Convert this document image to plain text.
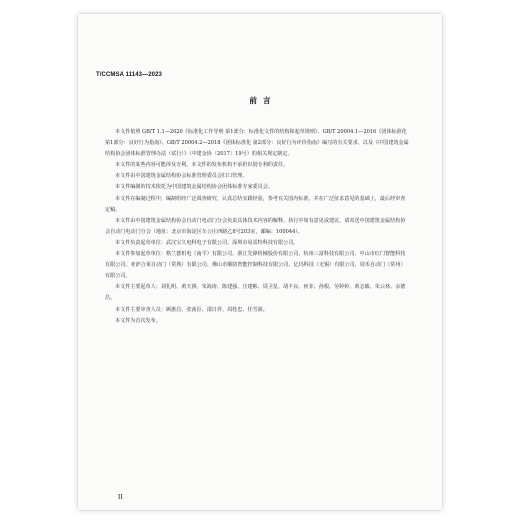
T/CCMSA 11143—2023
前言

本文件依照 GB/T 1.1—2020《标准化工作导则 第1部分：标准化文件的结构和起草规则》、GB/T 20004.1—2016《团体标准化 第1部分：良好行为指南》、GB/T 20004.2—2018《团体标准化 第2部分：良好行为评价指南》编写的有关要求，以及《中国建筑金属结构协会团体标准管理办法（试行）》（中建金协〔2017〕19号）的相关规定制定。

本文件的某些内容可能涉及专利。本文件的发布机构不承担识别专利的责任。

本文件由中国建筑金属结构协会标准管理委员会归口管理。

本文件编制的技术依托为中国建筑金属结构协会团体标准专家委员会。

本文件在编制过程中，编制组经广泛调查研究，认真总结实践经验，参考有关国内标准，并在广泛征求意见的基础上，最后经审查定稿。

本文件由中国建筑金属结构协会自动门电动门分会负责具体技术内容的解释。执行中如有意见或建议，请寄送中国建筑金属结构协会自动门电动门分会（地址：北京市海淀区车公庄西路乙8号203室，邮编：100044）。

本文件负责起草单位：武汉宝久电科电子有限公司、深圳市易雷特科技有限公司。

本文件参加起草单位：格兰德机电（南平）有限公司、浙江先锋机械股份有限公司、杭州三富科技有限公司、中山市红门智能科技有限公司、亚萨合莱自动门（常熟）有限公司、佛山市顺防智能控制科技有限公司、亿玛科技（无锡）有限公司、周禾自动门（常州）有限公司。

本文件主要起草人：刘礼明、黄天祺、朱海涛、陈建强、庄建彬、周卫星、胡丰良、何菲、孙根、劳婷婷、黄志敏、朱云林、余德昌。

本文件主要审查人员：顾惠昌、张茜臣、邵日祥、周桂忠、任雪源。

本文件为首次发布。

II
